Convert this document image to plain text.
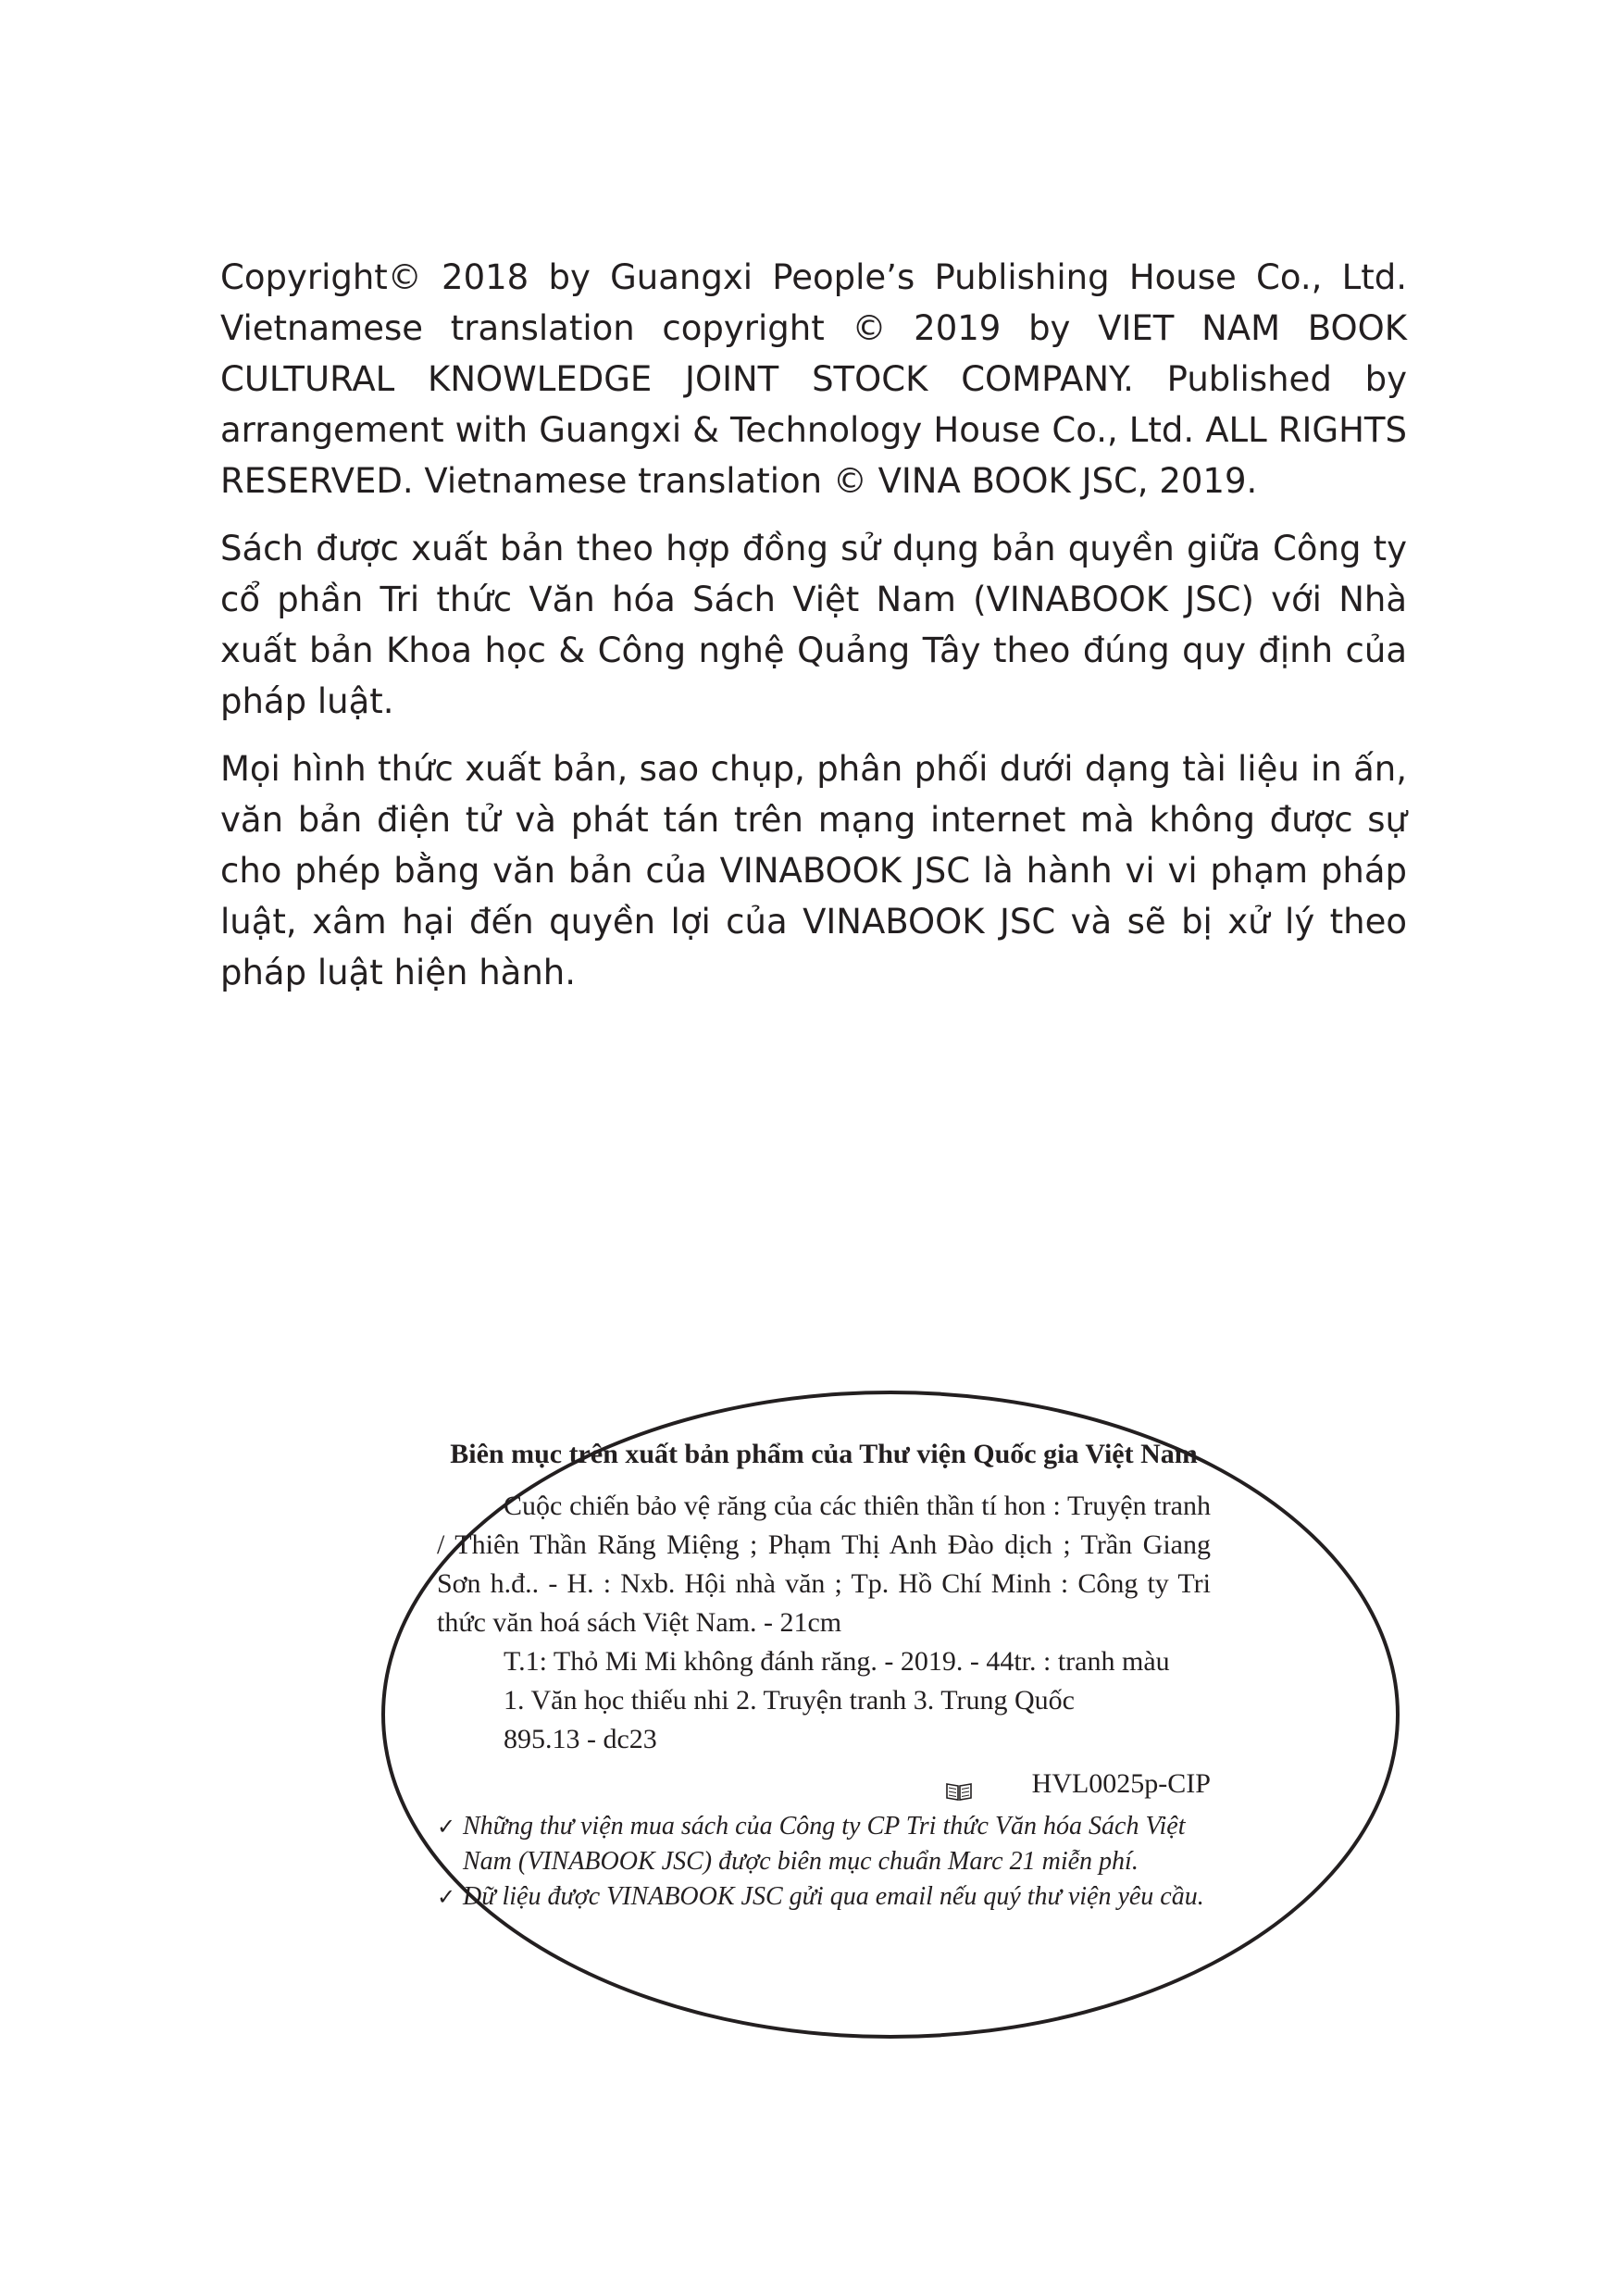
Copyright© 2018 by Guangxi People’s Publishing House Co., Ltd. Vietnamese translation copyright © 2019 by VIET NAM BOOK CULTURAL KNOWLEDGE JOINT STOCK COMPANY. Published by arrangement with Guangxi & Technology House Co., Ltd. ALL RIGHTS RESERVED. Vietnamese translation © VINA BOOK JSC, 2019.

Sách được xuất bản theo hợp đồng sử dụng bản quyền giữa Công ty cổ phần Tri thức Văn hóa Sách Việt Nam (VINABOOK JSC) với Nhà xuất bản Khoa học & Công nghệ Quảng Tây theo đúng quy định của pháp luật.

Mọi hình thức xuất bản, sao chụp, phân phối dưới dạng tài liệu in ấn, văn bản điện tử và phát tán trên mạng internet mà không được sự cho phép bằng văn bản của VINABOOK JSC là hành vi vi phạm pháp luật, xâm hại đến quyền lợi của VINABOOK JSC và sẽ bị xử lý theo pháp luật hiện hành.

Biên mục trên xuất bản phẩm của Thư viện Quốc gia Việt Nam

Cuộc chiến bảo vệ răng của các thiên thần tí hon : Truyện tranh / Thiên Thần Răng Miệng ; Phạm Thị Anh Đào dịch ; Trần Giang Sơn h.đ.. - H. : Nxb. Hội nhà văn ; Tp. Hồ Chí Minh : Công ty Tri thức văn hoá sách Việt Nam. - 21cm

T.1: Thỏ Mi Mi không đánh răng. - 2019. - 44tr. : tranh màu

1. Văn học thiếu nhi 2. Truyện tranh 3. Trung Quốc

895.13 - dc23

HVL0025p-CIP
✓ Những thư viện mua sách của Công ty CP Tri thức Văn hóa Sách Việt Nam (VINABOOK JSC) được biên mục chuẩn Marc 21 miễn phí.
✓ Dữ liệu được VINABOOK JSC gửi qua email nếu quý thư viện yêu cầu.
